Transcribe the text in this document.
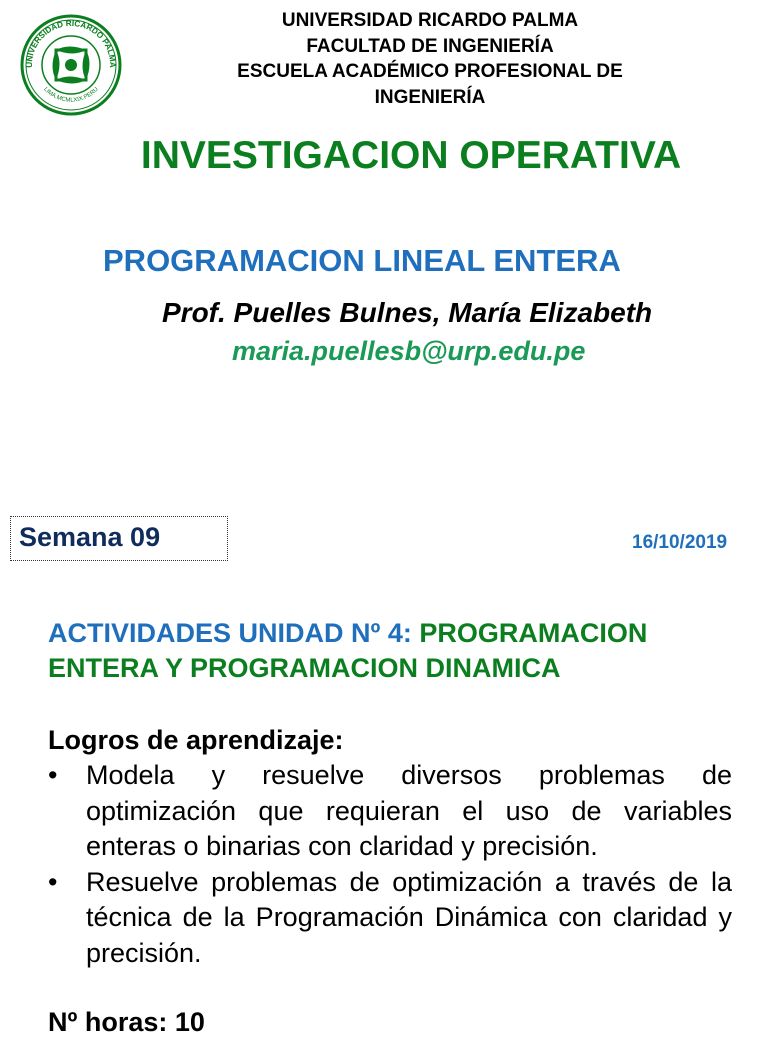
UNIVERSIDAD RICARDO PALMA
LIMA.MCMLXIX.PERU
UNIVERSIDAD RICARDO PALMA
FACULTAD DE INGENIERÍA
ESCUELA ACADÉMICO PROFESIONAL DE
INGENIERÍA
INVESTIGACION OPERATIVA
PROGRAMACION LINEAL ENTERA
Prof. Puelles Bulnes, María Elizabeth
maria.puellesb@urp.edu.pe
Semana 09	16/10/2019
ACTIVIDADES UNIDAD Nº 4: PROGRAMACION ENTERA Y PROGRAMACION DINAMICA
Logros de aprendizaje:
• Modela y resuelve diversos problemas de optimización que requieran el uso de variables enteras o binarias con claridad y precisión.
• Resuelve problemas de optimización a través de la técnica de la Programación Dinámica con claridad y precisión.
Nº horas: 10
